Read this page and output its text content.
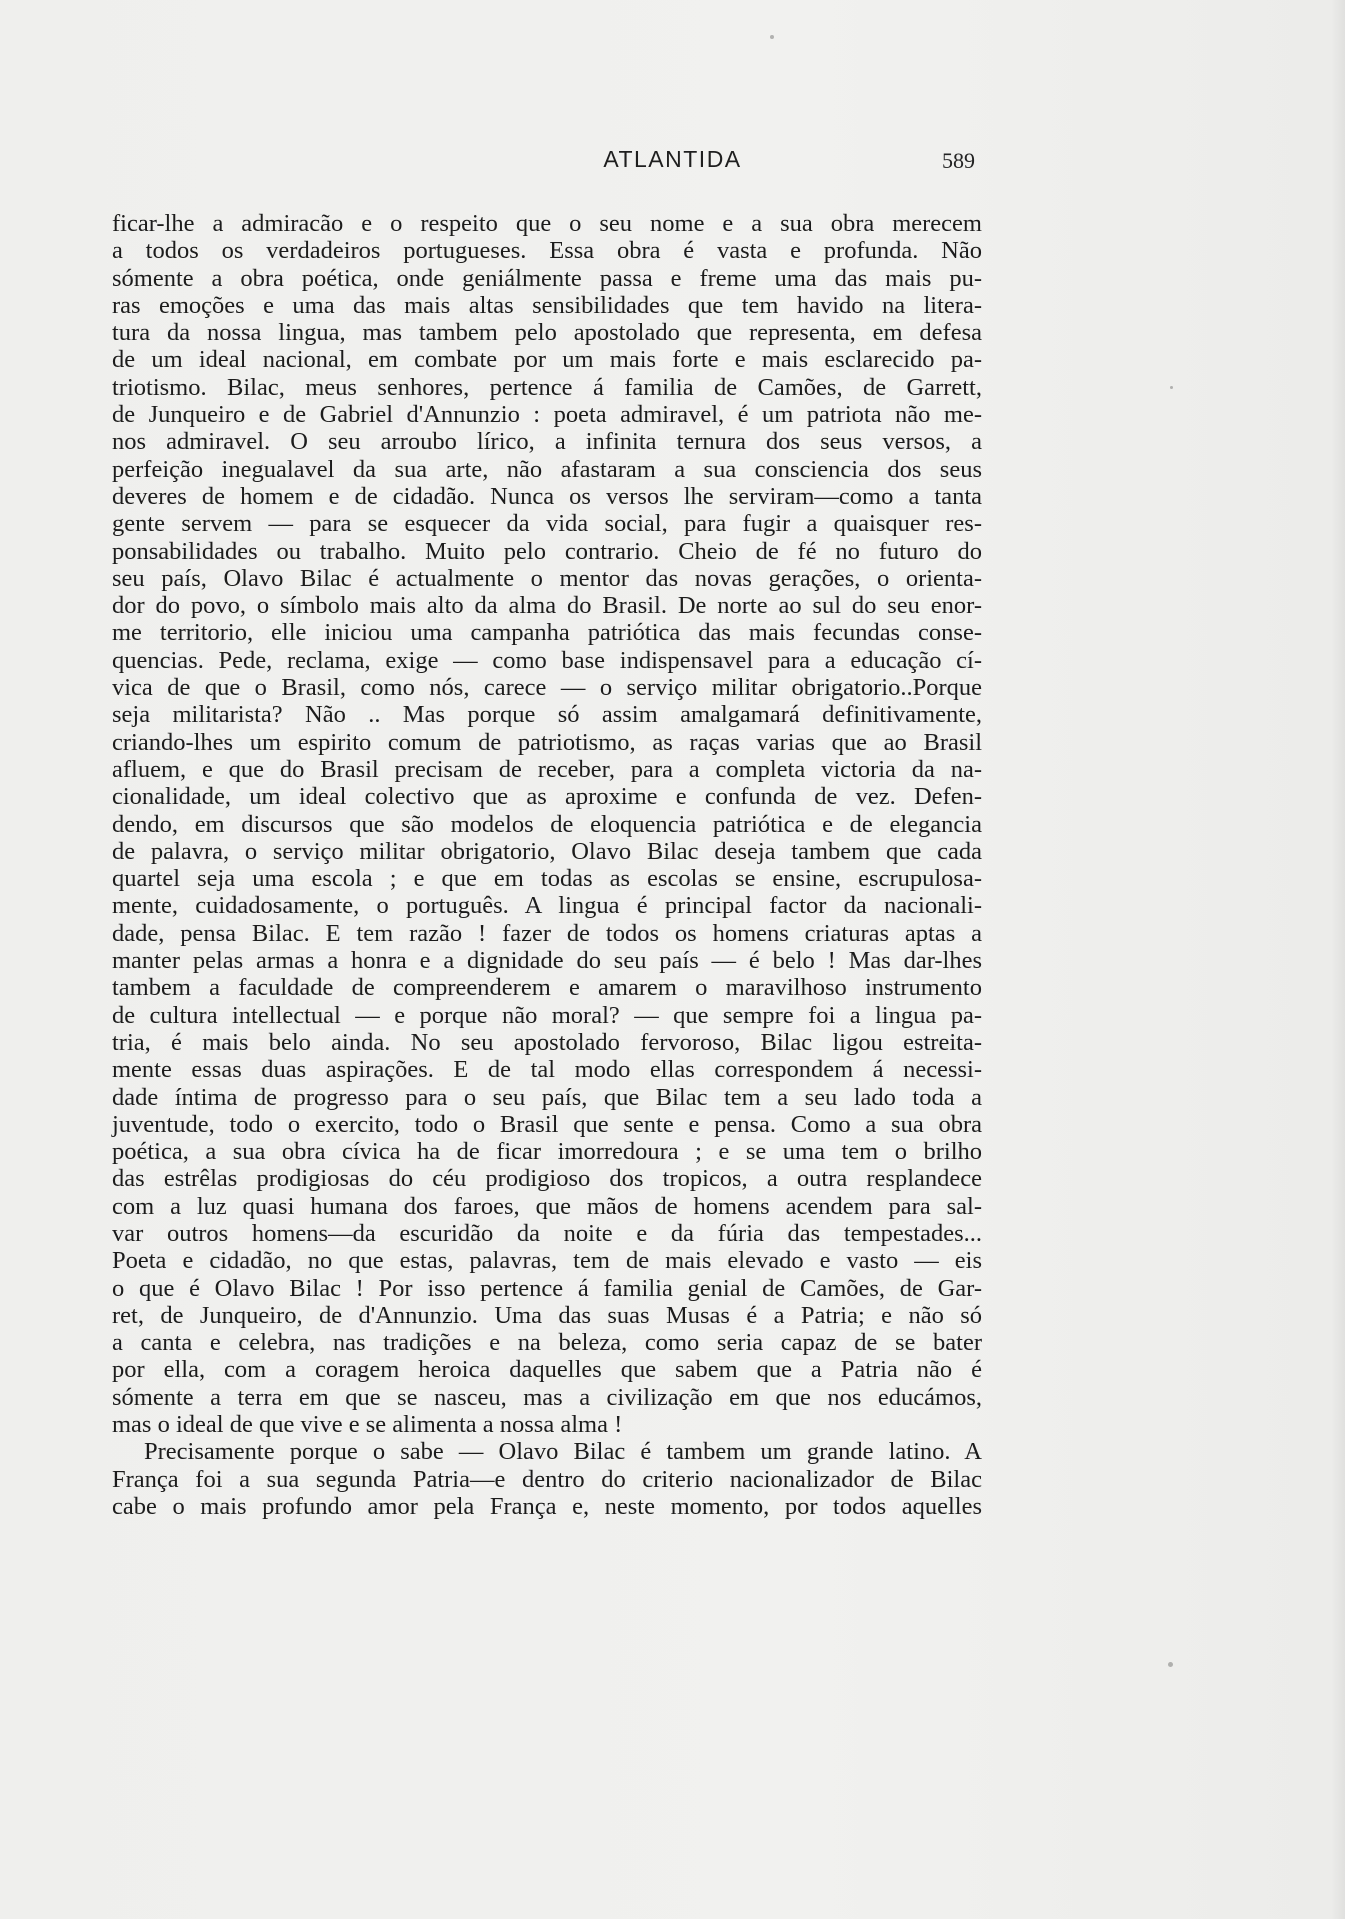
ATLANTIDA	589
ficar-lhe a admiracão e o respeito que o seu nome e a sua obra merecem
a todos os verdadeiros portugueses. Essa obra é vasta e profunda. Não
sómente a obra poética, onde geniálmente passa e freme uma das mais pu-
ras emoções e uma das mais altas sensibilidades que tem havido na litera-
tura da nossa lingua, mas tambem pelo apostolado que representa, em defesa
de um ideal nacional, em combate por um mais forte e mais esclarecido pa-
triotismo. Bilac, meus senhores, pertence á familia de Camões, de Garrett,
de Junqueiro e de Gabriel d'Annunzio : poeta admiravel, é um patriota não me-
nos admiravel. O seu arroubo lírico, a infinita ternura dos seus versos, a
perfeição inegualavel da sua arte, não afastaram a sua consciencia dos seus
deveres de homem e de cidadão. Nunca os versos lhe serviram—como a tanta
gente servem — para se esquecer da vida social, para fugir a quaisquer res-
ponsabilidades ou trabalho. Muito pelo contrario. Cheio de fé no futuro do
seu país, Olavo Bilac é actualmente o mentor das novas gerações, o orienta-
dor do povo, o símbolo mais alto da alma do Brasil. De norte ao sul do seu enor-
me territorio, elle iniciou uma campanha patriótica das mais fecundas conse-
quencias. Pede, reclama, exige — como base indispensavel para a educação cí-
vica de que o Brasil, como nós, carece — o serviço militar obrigatorio..Porque
seja militarista? Não .. Mas porque só assim amalgamará definitivamente,
criando-lhes um espirito comum de patriotismo, as raças varias que ao Brasil
afluem, e que do Brasil precisam de receber, para a completa victoria da na-
cionalidade, um ideal colectivo que as aproxime e confunda de vez. Defen-
dendo, em discursos que são modelos de eloquencia patriótica e de elegancia
de palavra, o serviço militar obrigatorio, Olavo Bilac deseja tambem que cada
quartel seja uma escola ; e que em todas as escolas se ensine, escrupulosa-
mente, cuidadosamente, o português. A lingua é principal factor da nacionali-
dade, pensa Bilac. E tem razão ! fazer de todos os homens criaturas aptas a
manter pelas armas a honra e a dignidade do seu país — é belo ! Mas dar-lhes
tambem a faculdade de compreenderem e amarem o maravilhoso instrumento
de cultura intellectual — e porque não moral? — que sempre foi a lingua pa-
tria, é mais belo ainda. No seu apostolado fervoroso, Bilac ligou estreita-
mente essas duas aspirações. E de tal modo ellas correspondem á necessi-
dade íntima de progresso para o seu país, que Bilac tem a seu lado toda a
juventude, todo o exercito, todo o Brasil que sente e pensa. Como a sua obra
poética, a sua obra cívica ha de ficar imorredoura ; e se uma tem o brilho
das estrêlas prodigiosas do céu prodigioso dos tropicos, a outra resplandece
com a luz quasi humana dos faroes, que mãos de homens acendem para sal-
var outros homens—da escuridão da noite e da fúria das tempestades...
Poeta e cidadão, no que estas, palavras, tem de mais elevado e vasto — eis
o que é Olavo Bilac ! Por isso pertence á familia genial de Camões, de Gar-
ret, de Junqueiro, de d'Annunzio. Uma das suas Musas é a Patria; e não só
a canta e celebra, nas tradições e na beleza, como seria capaz de se bater
por ella, com a coragem heroica daquelles que sabem que a Patria não é
sómente a terra em que se nasceu, mas a civilização em que nos educámos,
mas o ideal de que vive e se alimenta a nossa alma !
Precisamente porque o sabe — Olavo Bilac é tambem um grande latino. A
França foi a sua segunda Patria—e dentro do criterio nacionalizador de Bilac
cabe o mais profundo amor pela França e, neste momento, por todos aquelles
